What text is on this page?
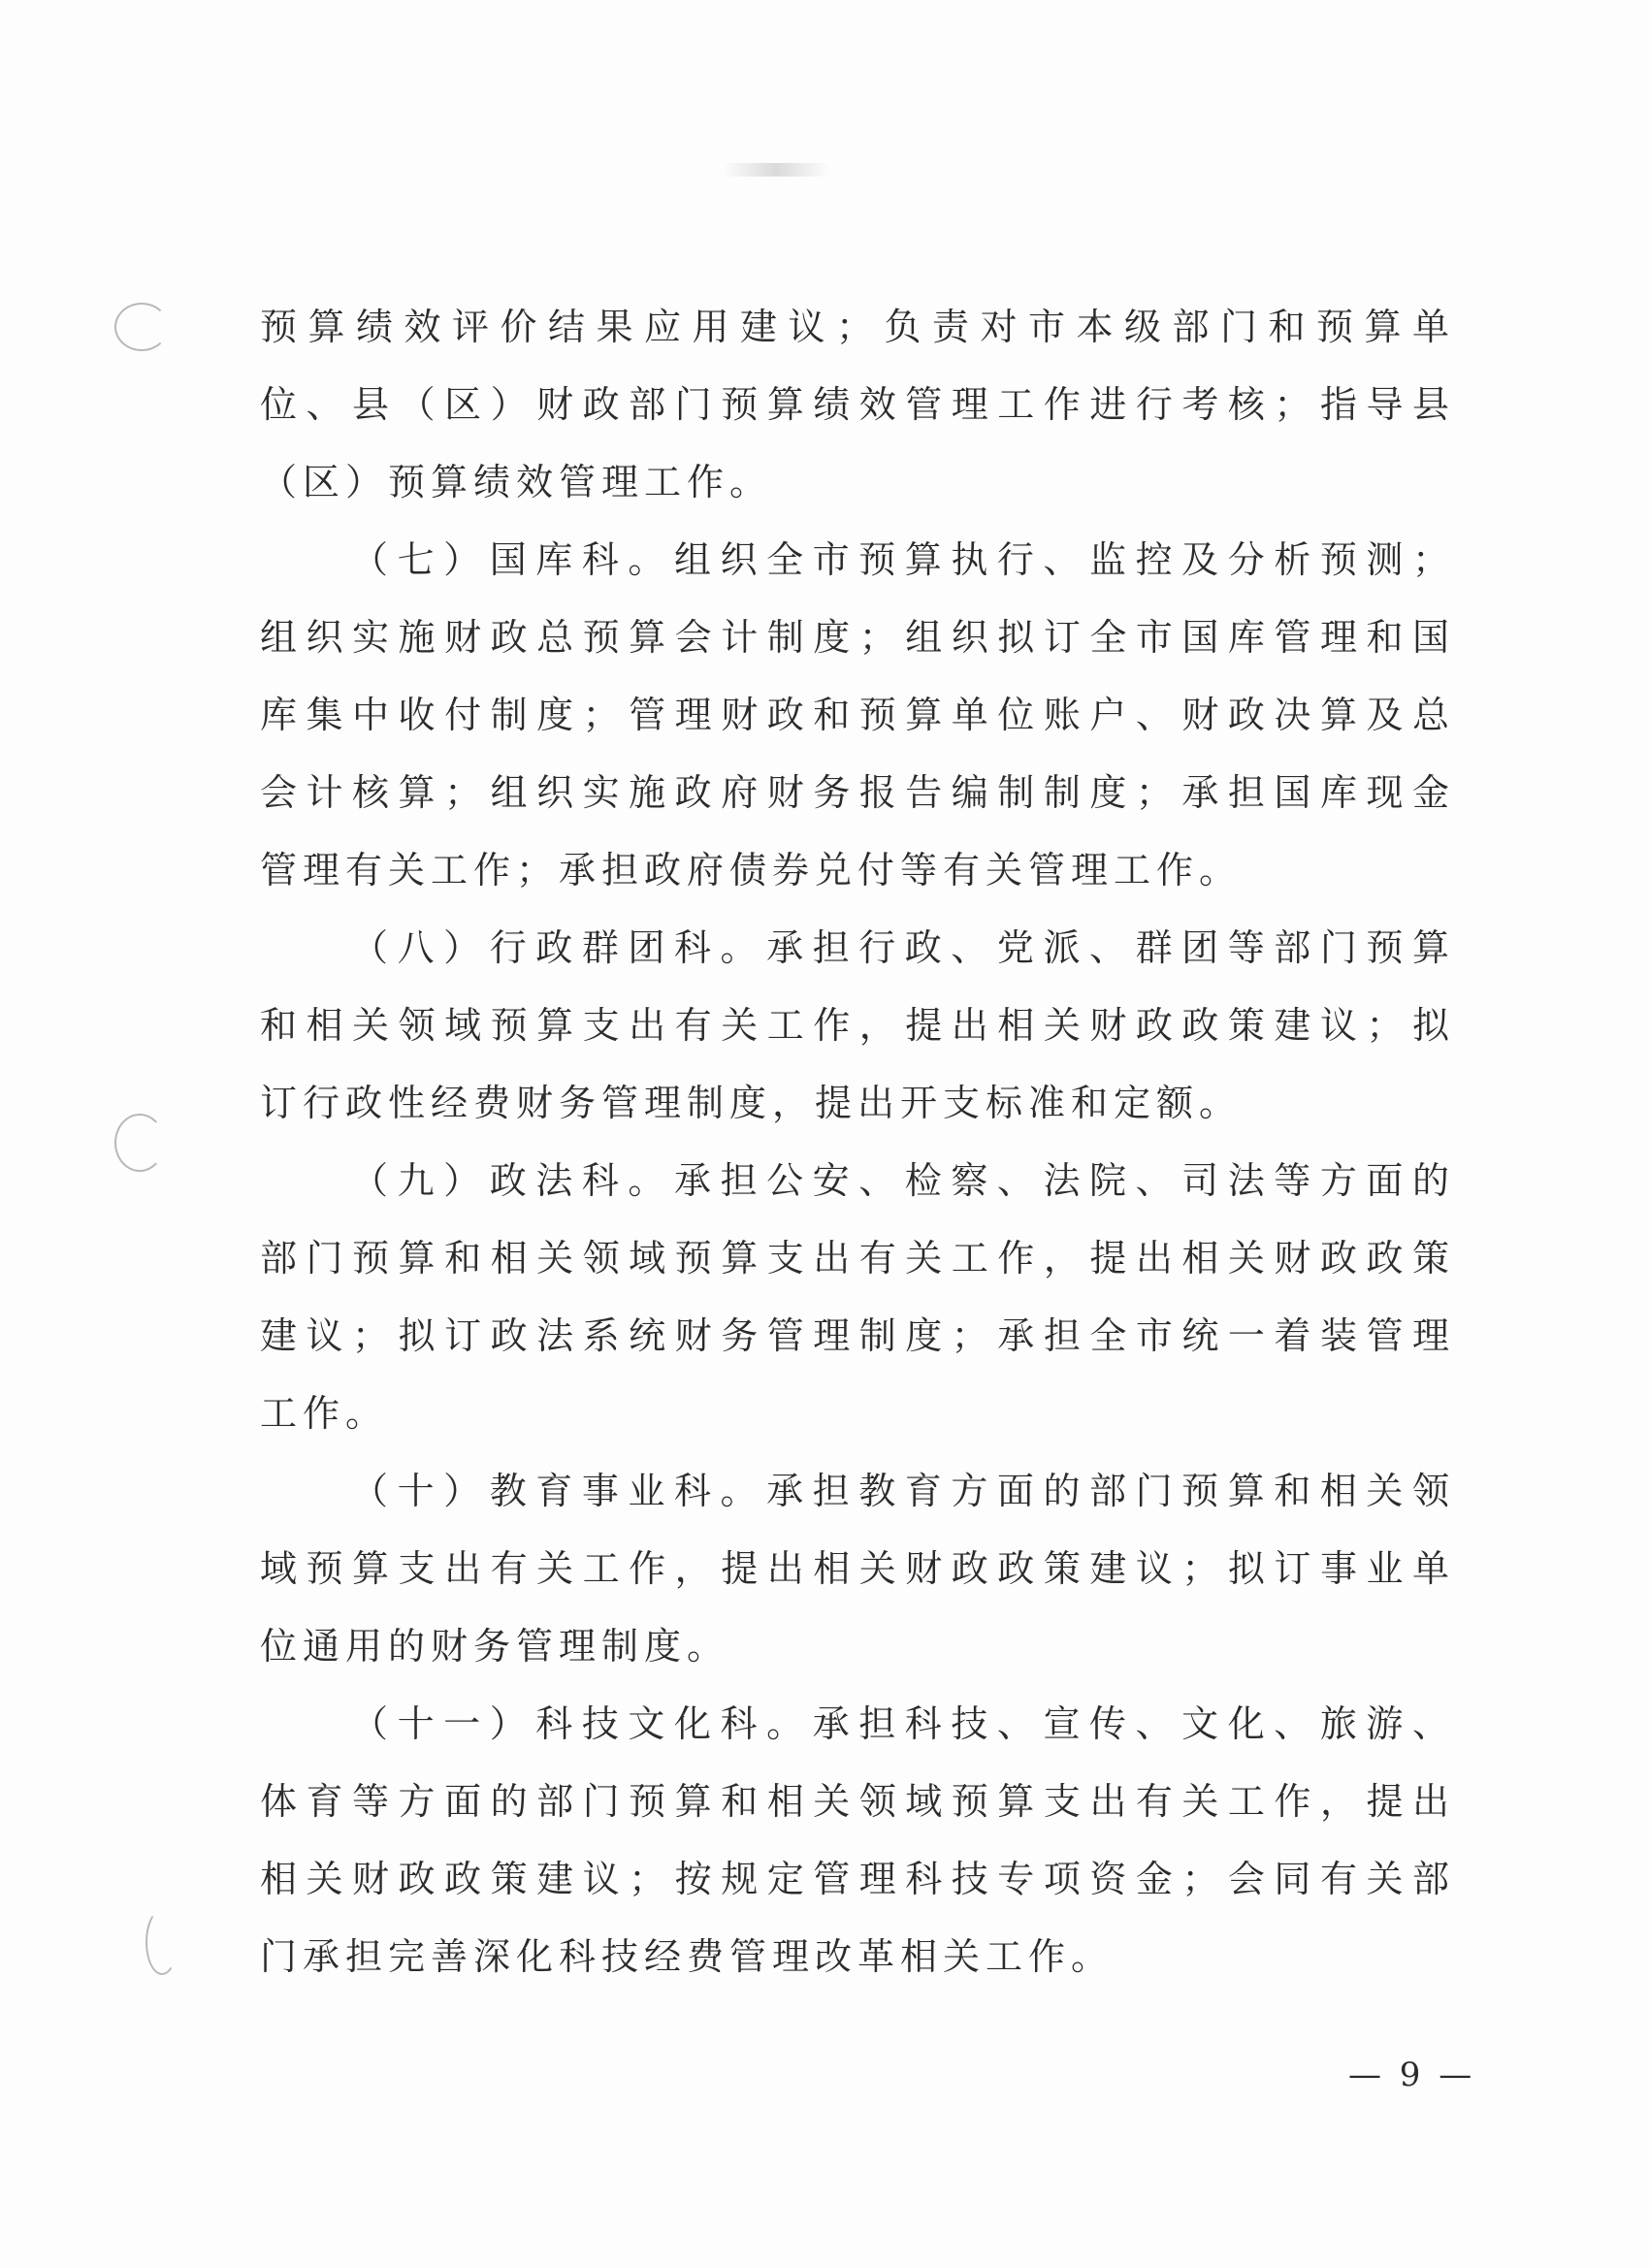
预算绩效评价结果应用建议；负责对市本级部门和预算单
位、县（区）财政部门预算绩效管理工作进行考核；指导县
（区）预算绩效管理工作。
（七）国库科。组织全市预算执行、监控及分析预测；
组织实施财政总预算会计制度；组织拟订全市国库管理和国
库集中收付制度；管理财政和预算单位账户、财政决算及总
会计核算；组织实施政府财务报告编制制度；承担国库现金
管理有关工作；承担政府债券兑付等有关管理工作。
（八）行政群团科。承担行政、党派、群团等部门预算
和相关领域预算支出有关工作，提出相关财政政策建议；拟
订行政性经费财务管理制度，提出开支标准和定额。
（九）政法科。承担公安、检察、法院、司法等方面的
部门预算和相关领域预算支出有关工作，提出相关财政政策
建议；拟订政法系统财务管理制度；承担全市统一着装管理
工作。
（十）教育事业科。承担教育方面的部门预算和相关领
域预算支出有关工作，提出相关财政政策建议；拟订事业单
位通用的财务管理制度。
（十一）科技文化科。承担科技、宣传、文化、旅游、
体育等方面的部门预算和相关领域预算支出有关工作，提出
相关财政政策建议；按规定管理科技专项资金；会同有关部
门承担完善深化科技经费管理改革相关工作。
— 9 —
